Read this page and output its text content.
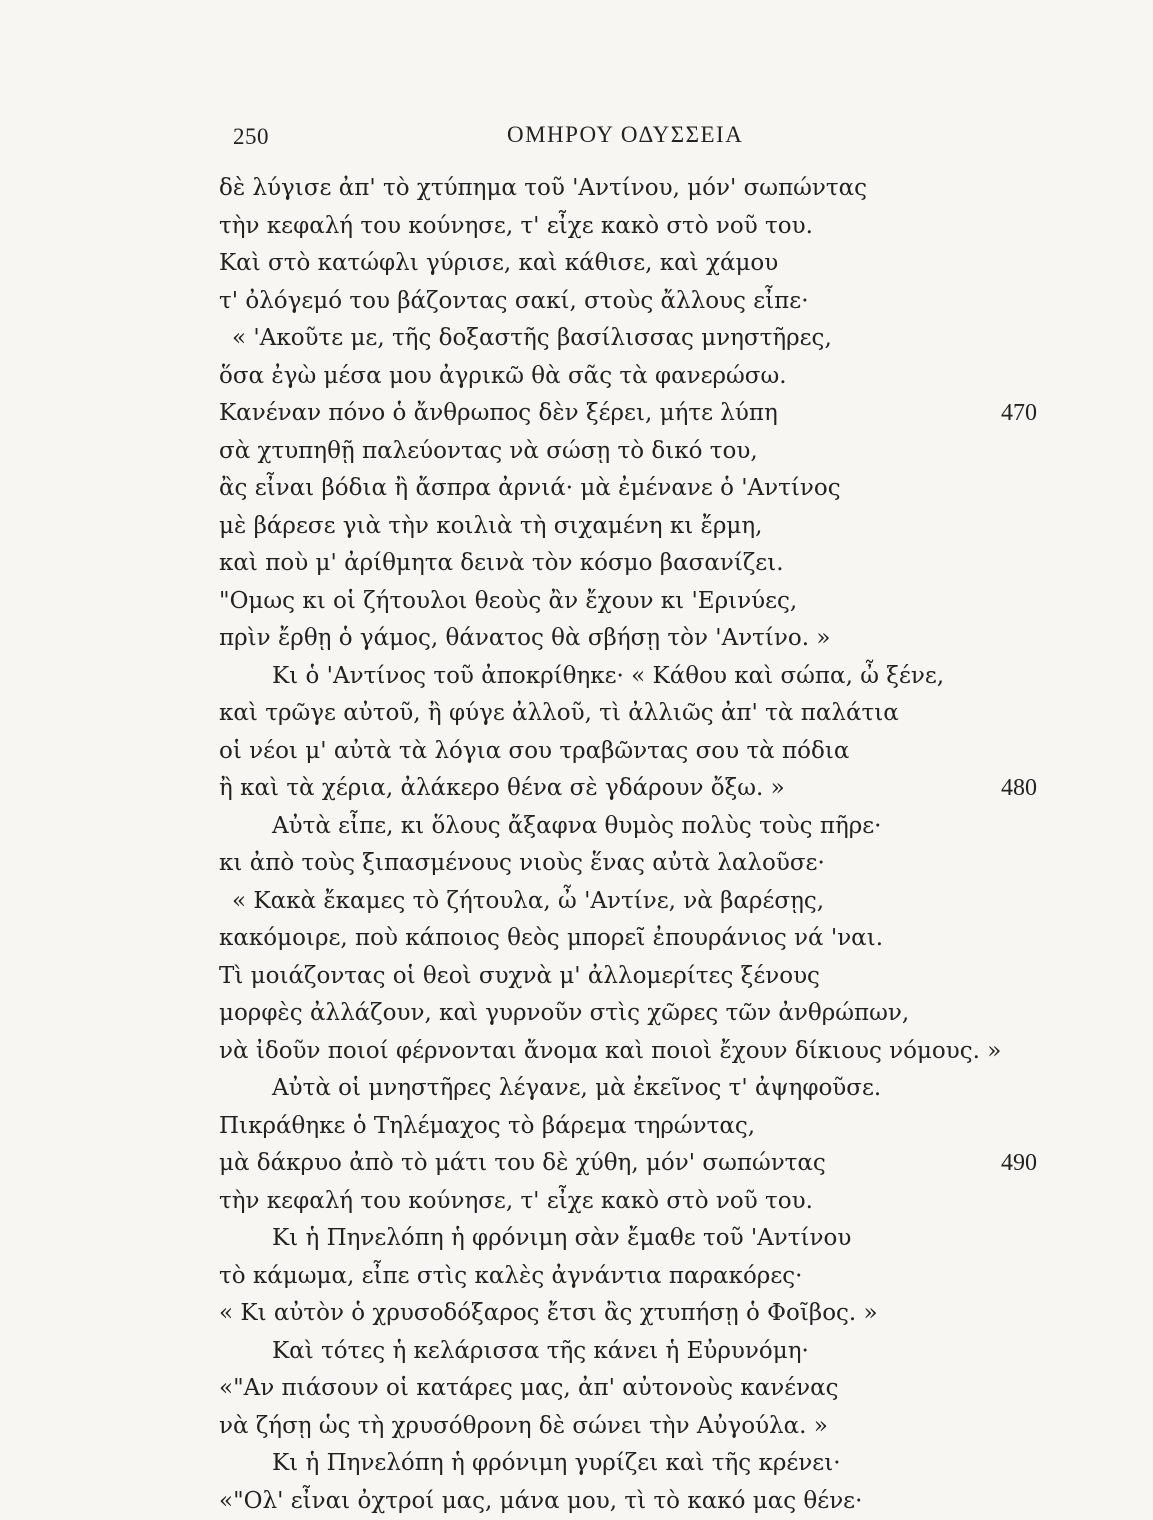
250	ΟΜΗΡΟΥ ΟΔΥΣΣΕΙΑ
δὲ λύγισε ἀπ' τὸ χτύπημα τοῦ 'Αντίνου, μόν' σωπώντας
τὴν κεφαλή του κούνησε, τ' εἶχε κακὸ στὸ νοῦ του.
Καὶ στὸ κατώφλι γύρισε, καὶ κάθισε, καὶ χάμου
τ' ὀλόγεμό του βάζοντας σακί, στοὺς ἄλλους εἶπε·
« 'Ακοῦτε με, τῆς δοξαστῆς βασίλισσας μνηστῆρες,
ὅσα ἐγὼ μέσα μου ἀγρικῶ θὰ σᾶς τὰ φανερώσω.
Κανέναν πόνο ὁ ἄνθρωπος δὲν ξέρει, μήτε λύπη	470
σὰ χτυπηθῇ παλεύοντας νὰ σώσῃ τὸ δικό του,
ἂς εἶναι βόδια ἢ ἄσπρα ἀρνιά· μὰ ἐμένανε ὁ 'Αντίνος
μὲ βάρεσε γιὰ τὴν κοιλιὰ τὴ σιχαμένη κι ἔρμη,
καὶ ποὺ μ' ἀρίθμητα δεινὰ τὸν κόσμο βασανίζει.
"Ομως κι οἱ ζήτουλοι θεοὺς ἂν ἔχουν κι 'Ερινύες,
πρὶν ἔρθῃ ὁ γάμος, θάνατος θὰ σβήσῃ τὸν 'Αντίνο. »
Κι ὁ 'Αντίνος τοῦ ἀποκρίθηκε· « Κάθου καὶ σώπα, ὦ ξένε,
καὶ τρῶγε αὐτοῦ, ἢ φύγε ἀλλοῦ, τὶ ἀλλιῶς ἀπ' τὰ παλάτια
οἱ νέοι μ' αὐτὰ τὰ λόγια σου τραβῶντας σου τὰ πόδια
ἢ καὶ τὰ χέρια, ἀλάκερο θένα σὲ γδάρουν ὄξω. »	480
Αὐτὰ εἶπε, κι ὅλους ἄξαφνα θυμὸς πολὺς τοὺς πῆρε·
κι ἀπὸ τοὺς ξιπασμένους νιοὺς ἕνας αὐτὰ λαλοῦσε·
« Κακὰ ἔκαμες τὸ ζήτουλα, ὦ 'Αντίνε, νὰ βαρέσῃς,
κακόμοιρε, ποὺ κάποιος θεὸς μπορεῖ ἐπουράνιος νά 'ναι.
Τὶ μοιάζοντας οἱ θεοὶ συχνὰ μ' ἀλλομερίτες ξένους
μορφὲς ἀλλάζουν, καὶ γυρνοῦν στὶς χῶρες τῶν ἀνθρώπων,
νὰ ἰδοῦν ποιοί φέρνονται ἄνομα καὶ ποιοὶ ἔχουν δίκιους νόμους. »
Αὐτὰ οἱ μνηστῆρες λέγανε, μὰ ἐκεῖνος τ' ἀψηφοῦσε.
Πικράθηκε ὁ Τηλέμαχος τὸ βάρεμα τηρώντας,
μὰ δάκρυο ἀπὸ τὸ μάτι του δὲ χύθη, μόν' σωπώντας	490
τὴν κεφαλή του κούνησε, τ' εἶχε κακὸ στὸ νοῦ του.
Κι ἡ Πηνελόπη ἡ φρόνιμη σὰν ἔμαθε τοῦ 'Αντίνου
τὸ κάμωμα, εἶπε στὶς καλὲς ἀγνάντια παρακόρες·
« Κι αὐτὸν ὁ χρυσοδόξαρος ἔτσι ἂς χτυπήσῃ ὁ Φοῖβος. »
Καὶ τότες ἡ κελάρισσα τῆς κάνει ἡ Εὐρυνόμη·
«"Αν πιάσουν οἱ κατάρες μας, ἀπ' αὐτονοὺς κανένας
νὰ ζήσῃ ὡς τὴ χρυσόθρονη δὲ σώνει τὴν Αὐγούλα. »
Κι ἡ Πηνελόπη ἡ φρόνιμη γυρίζει καὶ τῆς κρένει·
«"Ολ' εἶναι ὀχτροί μας, μάνα μου, τὶ τὸ κακό μας θένε·
